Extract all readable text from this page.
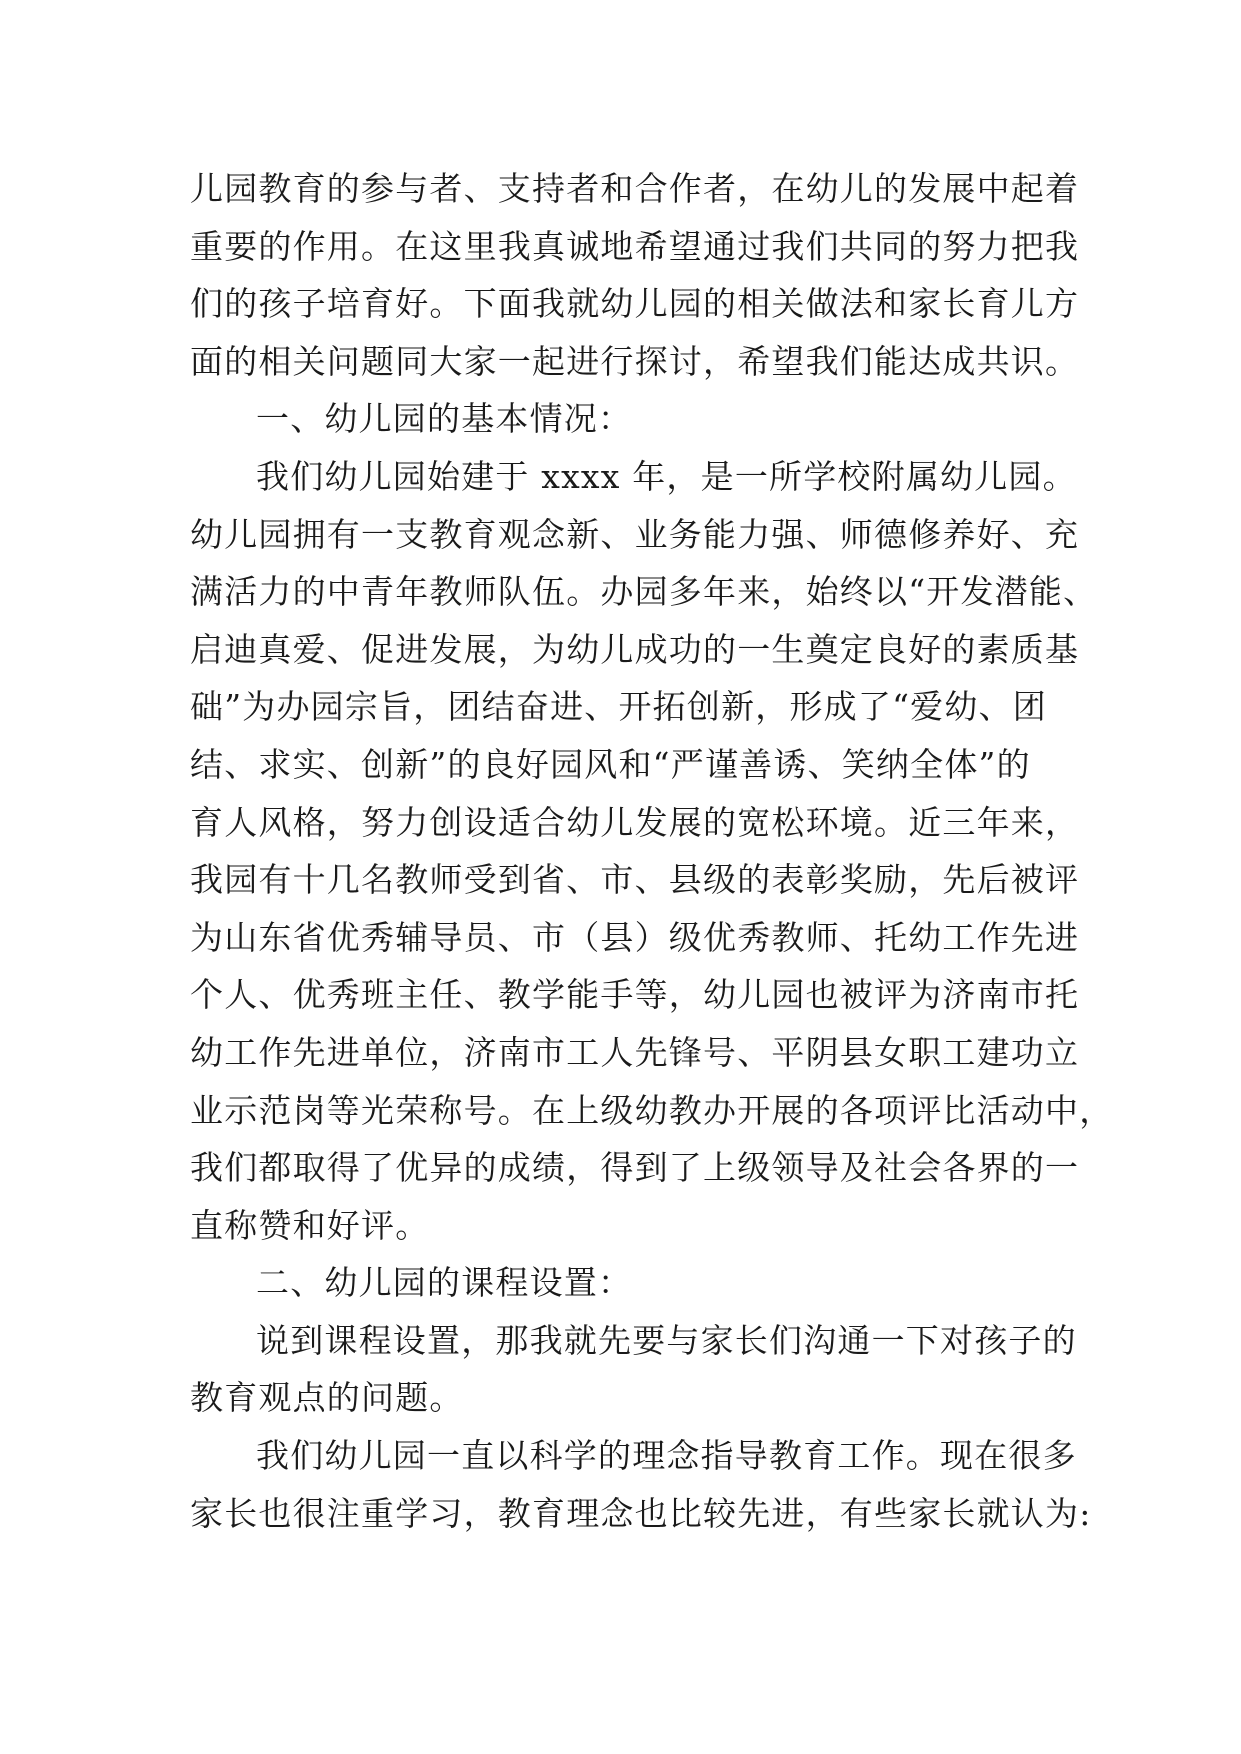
儿园教育的参与者、支持者和合作者，在幼儿的发展中起着
重要的作用。在这里我真诚地希望通过我们共同的努力把我
们的孩子培育好。下面我就幼儿园的相关做法和家长育儿方
面的相关问题同大家一起进行探讨，希望我们能达成共识。
一、幼儿园的基本情况：
我们幼儿园始建于 xxxx 年，是一所学校附属幼儿园。
幼儿园拥有一支教育观念新、业务能力强、师德修养好、充
满活力的中青年教师队伍。办园多年来，始终以“开发潜能、
启迪真爱、促进发展，为幼儿成功的一生奠定良好的素质基
础”为办园宗旨，团结奋进、开拓创新，形成了“爱幼、团
结、求实、创新”的良好园风和“严谨善诱、笑纳全体”的
育人风格，努力创设适合幼儿发展的宽松环境。近三年来，
我园有十几名教师受到省、市、县级的表彰奖励，先后被评
为山东省优秀辅导员、市（县）级优秀教师、托幼工作先进
个人、优秀班主任、教学能手等，幼儿园也被评为济南市托
幼工作先进单位，济南市工人先锋号、平阴县女职工建功立
业示范岗等光荣称号。在上级幼教办开展的各项评比活动中，
我们都取得了优异的成绩，得到了上级领导及社会各界的一
直称赞和好评。
二、幼儿园的课程设置：
说到课程设置，那我就先要与家长们沟通一下对孩子的
教育观点的问题。
我们幼儿园一直以科学的理念指导教育工作。现在很多
家长也很注重学习，教育理念也比较先进，有些家长就认为:
